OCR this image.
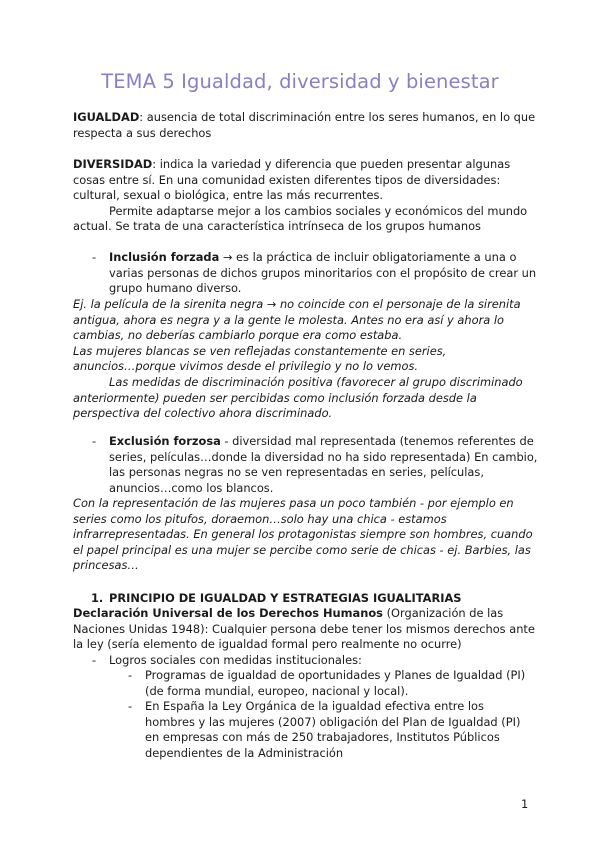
TEMA 5 Igualdad, diversidad y bienestar
IGUALDAD: ausencia de total discriminación entre los seres humanos, en lo que
respecta a sus derechos
DIVERSIDAD: indica la variedad y diferencia que pueden presentar algunas
cosas entre sí. En una comunidad existen diferentes tipos de diversidades:
cultural, sexual o biológica, entre las más recurrentes.
Permite adaptarse mejor a los cambios sociales y económicos del mundo
actual. Se trata de una característica intrínseca de los grupos humanos
- Inclusión forzada → es la práctica de incluir obligatoriamente a una o
varias personas de dichos grupos minoritarios con el propósito de crear un
grupo humano diverso.
Ej. la película de la sirenita negra → no coincide con el personaje de la sirenita
antigua, ahora es negra y a la gente le molesta. Antes no era así y ahora lo
cambias, no deberías cambiarlo porque era como estaba.
Las mujeres blancas se ven reflejadas constantemente en series,
anuncios…porque vivimos desde el privilegio y no lo vemos.
Las medidas de discriminación positiva (favorecer al grupo discriminado
anteriormente) pueden ser percibidas como inclusión forzada desde la
perspectiva del colectivo ahora discriminado.
- Exclusión forzosa - diversidad mal representada (tenemos referentes de
series, películas…donde la diversidad no ha sido representada) En cambio,
las personas negras no se ven representadas en series, películas,
anuncios…como los blancos.
Con la representación de las mujeres pasa un poco también - por ejemplo en
series como los pitufos, doraemon…solo hay una chica - estamos
infrarrepresentadas. En general los protagonistas siempre son hombres, cuando
el papel principal es una mujer se percibe como serie de chicas - ej. Barbies, las
princesas…
1. PRINCIPIO DE IGUALDAD Y ESTRATEGIAS IGUALITARIAS
Declaración Universal de los Derechos Humanos (Organización de las
Naciones Unidas 1948): Cualquier persona debe tener los mismos derechos ante
la ley (sería elemento de igualdad formal pero realmente no ocurre)
- Logros sociales con medidas institucionales:
- Programas de igualdad de oportunidades y Planes de Igualdad (PI)
(de forma mundial, europeo, nacional y local).
- En España la Ley Orgánica de la igualdad efectiva entre los
hombres y las mujeres (2007) obligación del Plan de Igualdad (PI)
en empresas con más de 250 trabajadores, Institutos Públicos
dependientes de la Administración
1
